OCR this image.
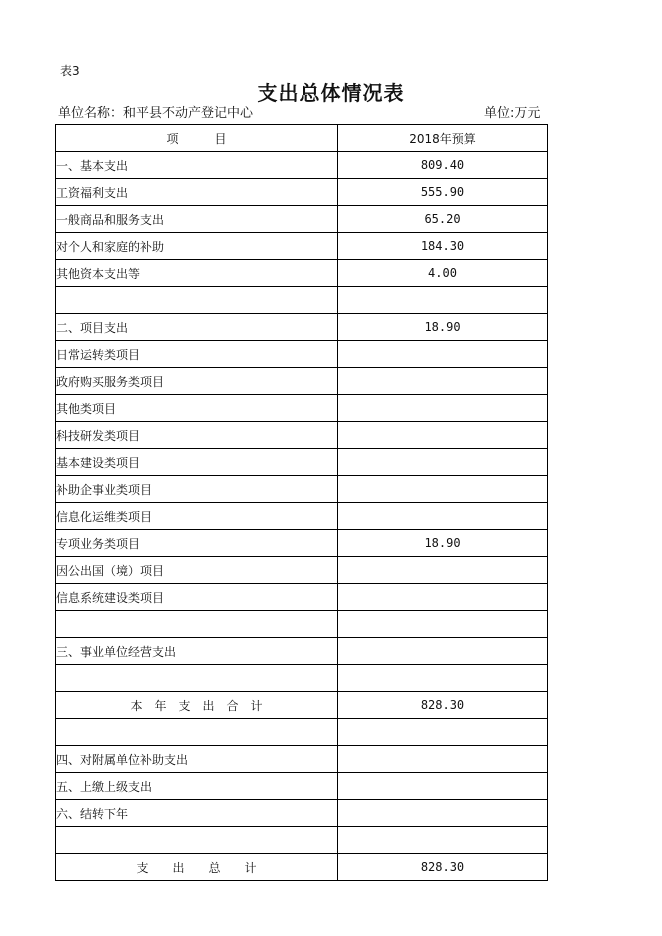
表3
支出总体情况表
单位名称：和平县不动产登记中心	单位:万元
项　　　目	2018年预算
一、基本支出	809.40
工资福利支出	555.90
一般商品和服务支出	65.20
对个人和家庭的补助	184.30
其他资本支出等	4.00

二、项目支出	18.90
日常运转类项目	
政府购买服务类项目	
其他类项目	
科技研发类项目	
基本建设类项目	
补助企事业类项目	
信息化运维类项目	
专项业务类项目	18.90
因公出国（境）项目	
信息系统建设类项目	

三、事业单位经营支出	

本　年　支　出　合　计	828.30

四、对附属单位补助支出	
五、上缴上级支出	
六、结转下年	

支　　出　　总　　计	828.30
